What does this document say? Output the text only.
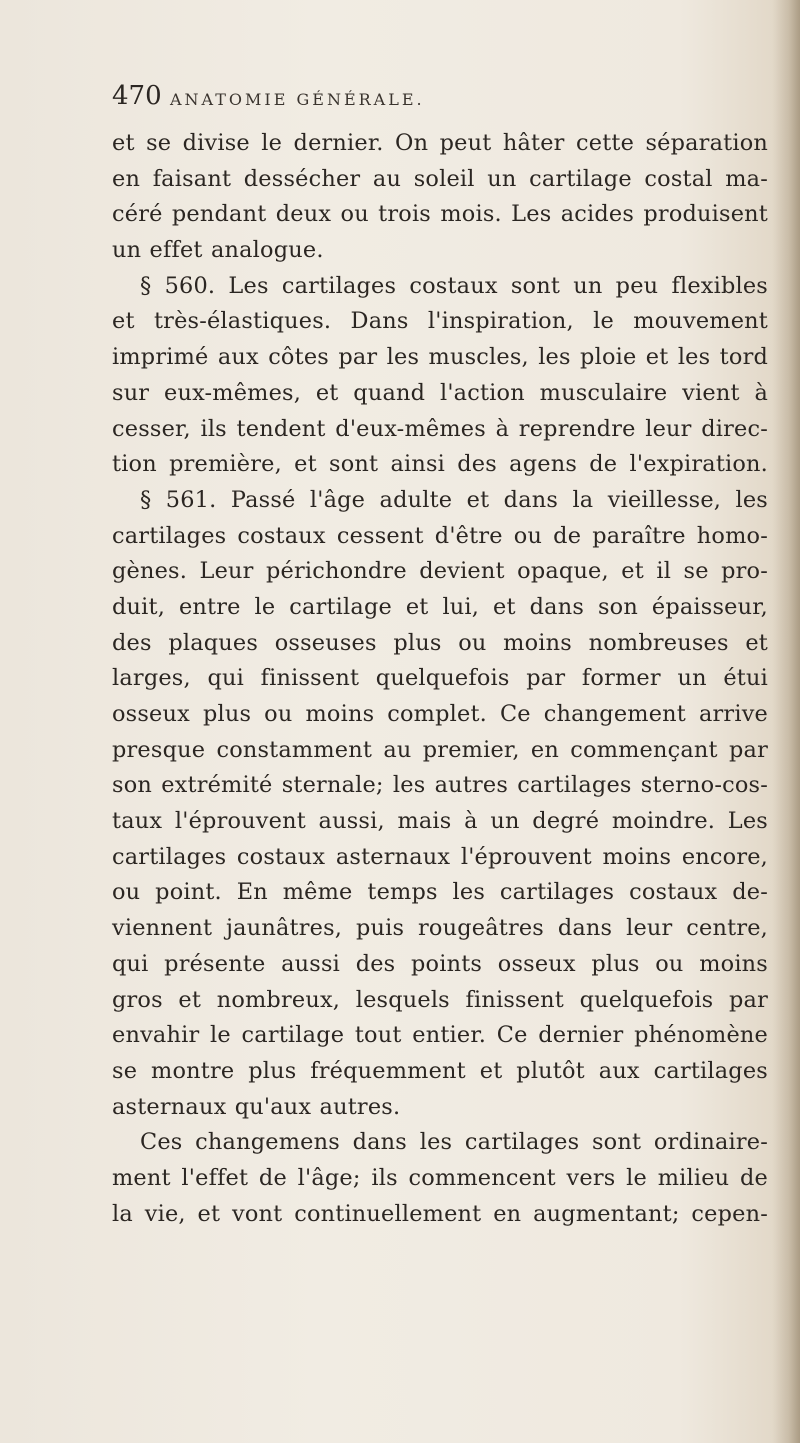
470 ANATOMIE GÉNÉRALE.
et se divise le dernier. On peut hâter cette séparation
en faisant dessécher au soleil un cartilage costal ma-
céré pendant deux ou trois mois. Les acides produisent
un effet analogue.
§ 560. Les cartilages costaux sont un peu flexibles
et très-élastiques. Dans l'inspiration, le mouvement
imprimé aux côtes par les muscles, les ploie et les tord
sur eux-mêmes, et quand l'action musculaire vient à
cesser, ils tendent d'eux-mêmes à reprendre leur direc-
tion première, et sont ainsi des agens de l'expiration.
§ 561. Passé l'âge adulte et dans la vieillesse, les
cartilages costaux cessent d'être ou de paraître homo-
gènes. Leur périchondre devient opaque, et il se pro-
duit, entre le cartilage et lui, et dans son épaisseur,
des plaques osseuses plus ou moins nombreuses et
larges, qui finissent quelquefois par former un étui
osseux plus ou moins complet. Ce changement arrive
presque constamment au premier, en commençant par
son extrémité sternale; les autres cartilages sterno-cos-
taux l'éprouvent aussi, mais à un degré moindre. Les
cartilages costaux asternaux l'éprouvent moins encore,
ou point. En même temps les cartilages costaux de-
viennent jaunâtres, puis rougeâtres dans leur centre,
qui présente aussi des points osseux plus ou moins
gros et nombreux, lesquels finissent quelquefois par
envahir le cartilage tout entier. Ce dernier phénomène
se montre plus fréquemment et plutôt aux cartilages
asternaux qu'aux autres.
Ces changemens dans les cartilages sont ordinaire-
ment l'effet de l'âge; ils commencent vers le milieu de
la vie, et vont continuellement en augmentant; cepen-
